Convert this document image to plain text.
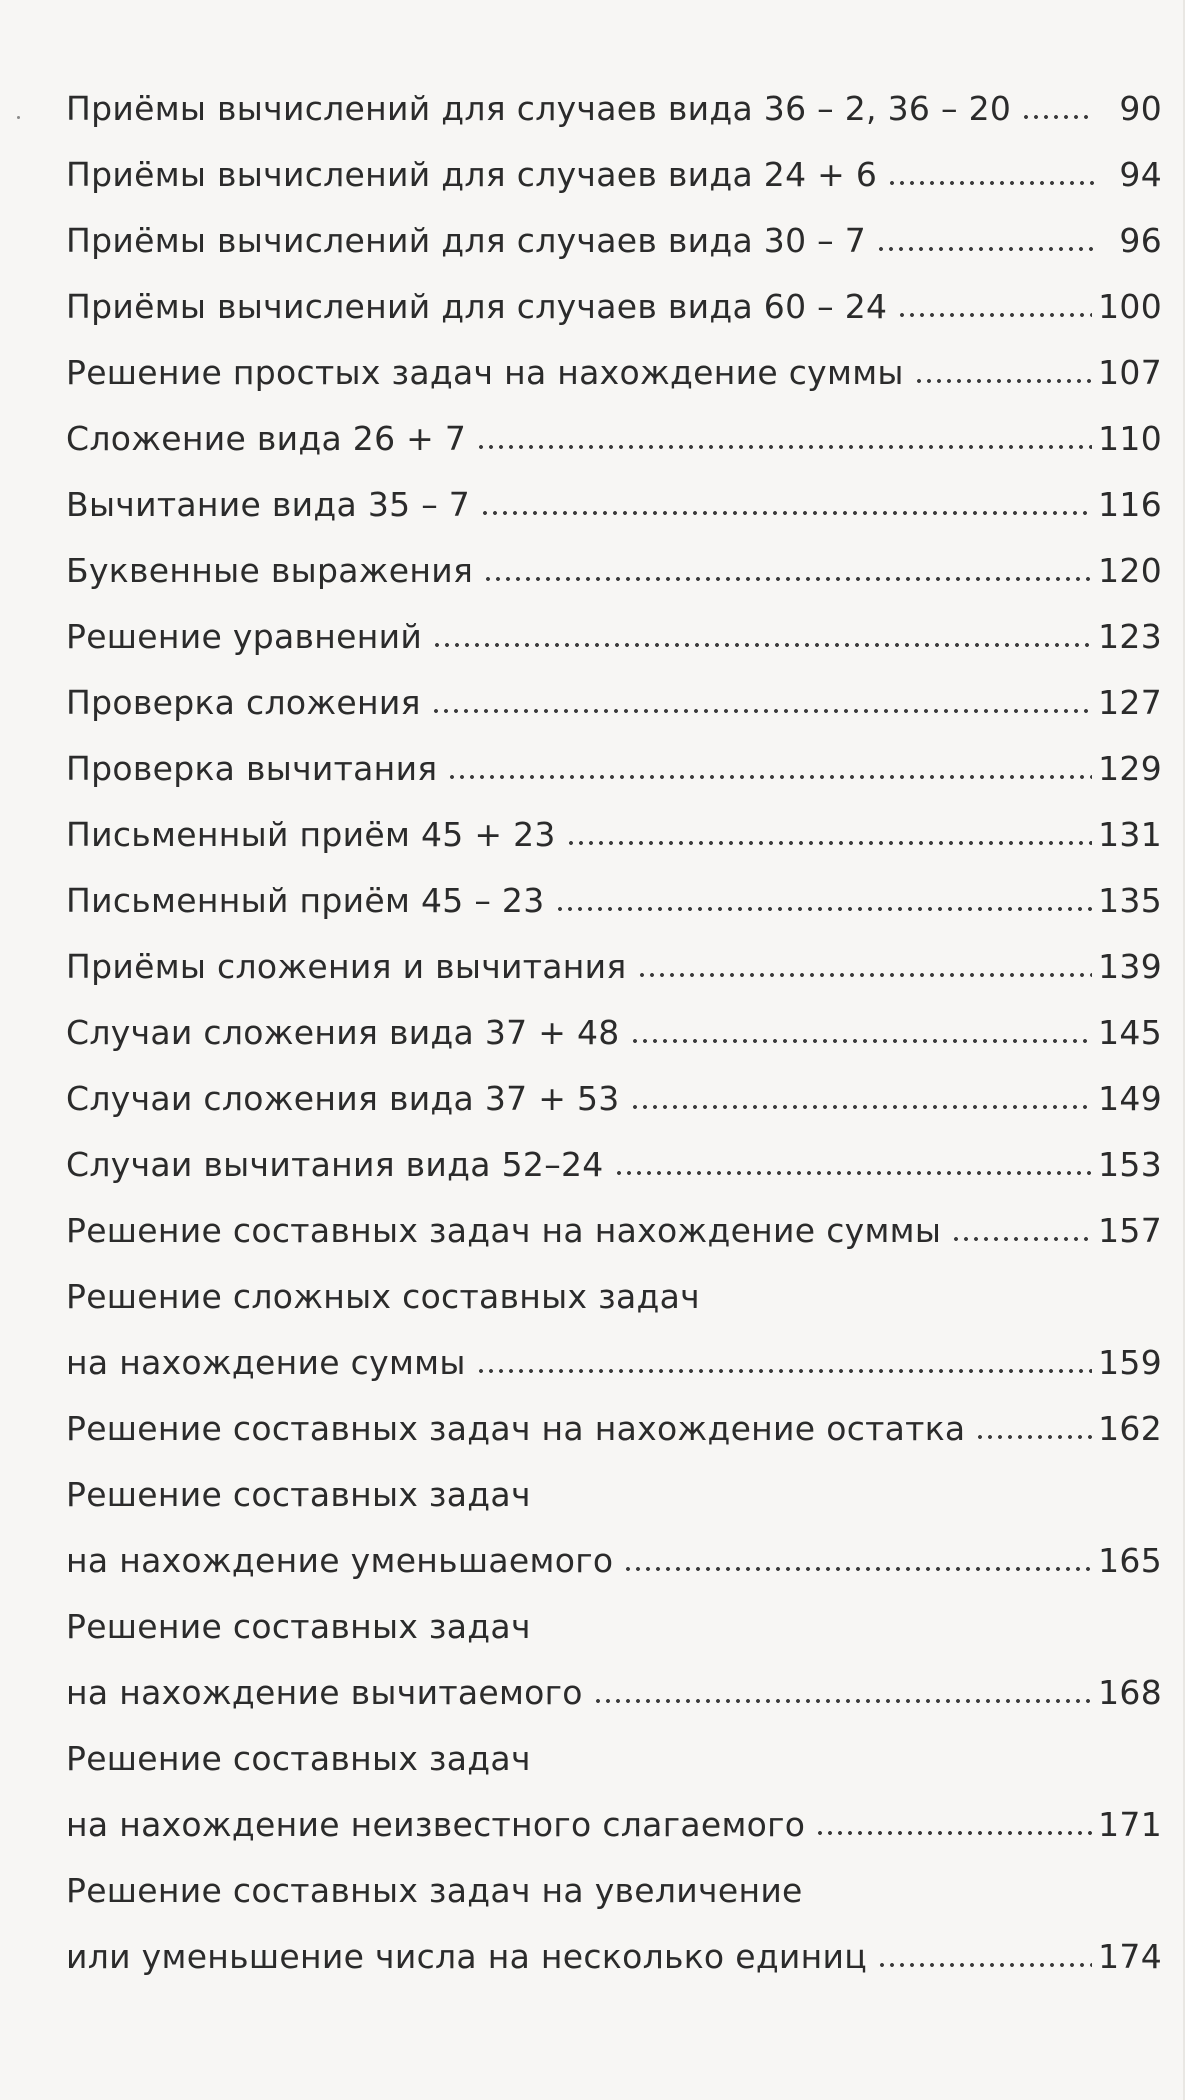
Приёмы вычислений для случаев вида 36 – 2, 36 – 20	90
Приёмы вычислений для случаев вида 24 + 6	94
Приёмы вычислений для случаев вида 30 – 7	96
Приёмы вычислений для случаев вида 60 – 24	100
Решение простых задач на нахождение суммы	107
Сложение вида 26 + 7	110
Вычитание вида 35 – 7	116
Буквенные выражения	120
Решение уравнений	123
Проверка сложения	127
Проверка вычитания	129
Письменный приём 45 + 23	131
Письменный приём 45 – 23	135
Приёмы сложения и вычитания	139
Случаи сложения вида 37 + 48	145
Случаи сложения вида 37 + 53	149
Случаи вычитания вида 52–24	153
Решение составных задач на нахождение суммы	157
Решение сложных составных задач
на нахождение суммы	159
Решение составных задач на нахождение остатка	162
Решение составных задач
на нахождение уменьшаемого	165
Решение составных задач
на нахождение вычитаемого	168
Решение составных задач
на нахождение неизвестного слагаемого	171
Решение составных задач на увеличение
или уменьшение числа на несколько единиц	174
